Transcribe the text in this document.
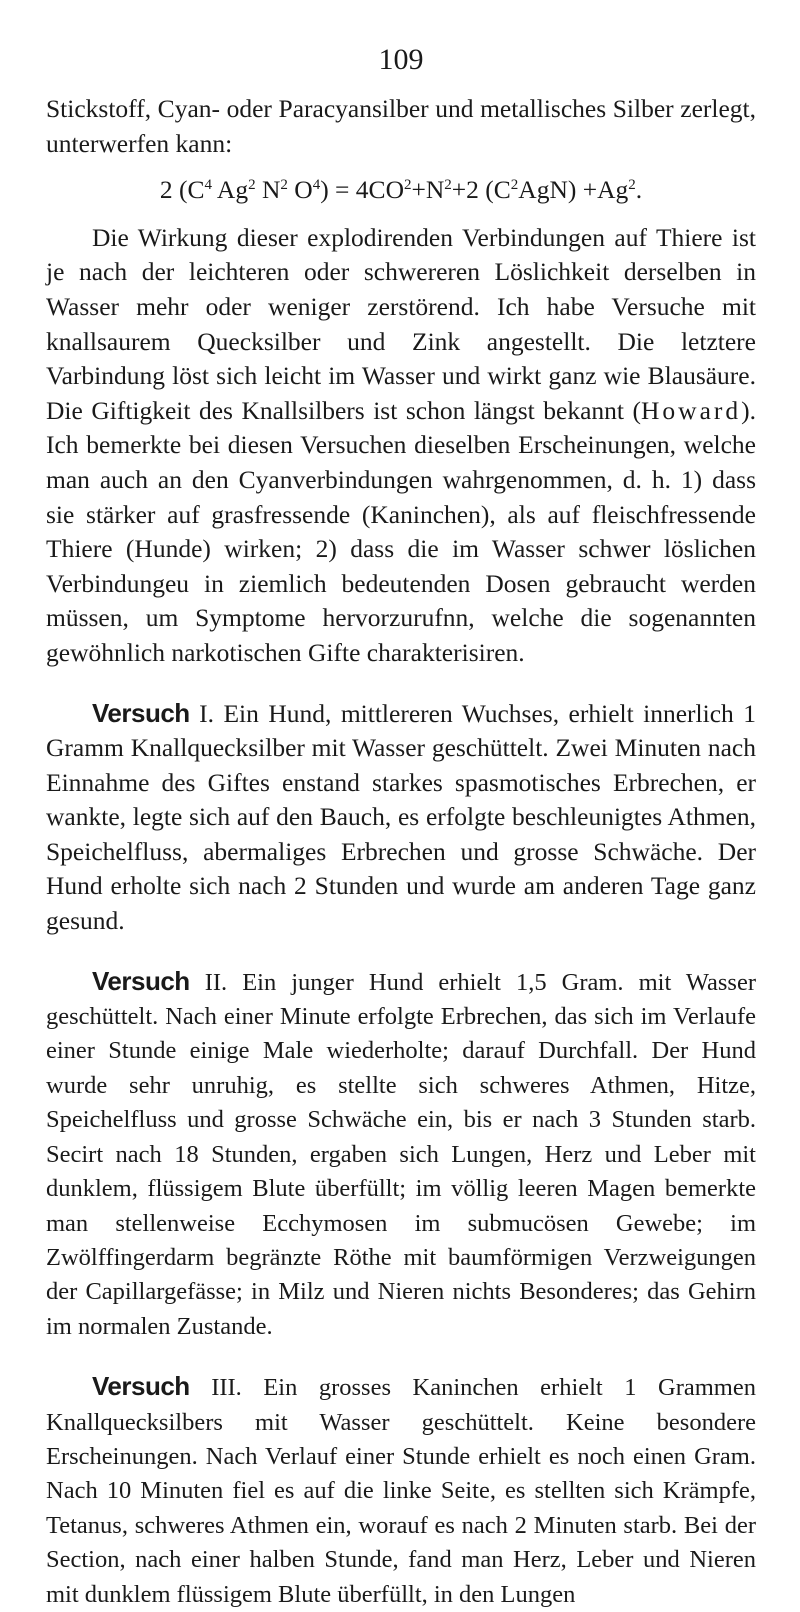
109

Stickstoff, Cyan- oder Paracyansilber und metallisches Silber zerlegt, unterwerfen kann:

2 ($C^4$ Ag$^2$ $N^2$ $O^4) = 4CO^2+N^2+2$ $(C^2AgN) +Ag^2$.

Die Wirkung dieser explodirenden Verbindungen auf Thiere ist je nach der leichteren oder schwereren Löslichkeit derselben in Wasser mehr oder weniger zerstörend. Ich habe Versuche mit knallsaurem Quecksilber und Zink angestellt. Die letztere Varbindung löst sich leicht im Wasser und wirkt ganz wie Blausäure. Die Giftigkeit des Knallsilbers ist schon längst bekannt (Howard). Ich bemerkte bei diesen Versuchen dieselben Erscheinungen, welche man auch an den Cyanverbindungen wahrgenommen, d. h. 1) dass sie stärker auf grasfressende (Kaninchen), als auf fleischfressende Thiere (Hunde) wirken; 2) dass die im Wasser schwer löslichen Verbindungeu in ziemlich bedeutenden Dosen gebraucht werden müssen, um Symptome hervorzurufnn, welche die sogenannten gewöhnlich narkotischen Gifte charakterisiren.

Versuch I. Ein Hund, mittlereren Wuchses, erhielt innerlich 1 Gramm Knallquecksilber mit Wasser geschüttelt. Zwei Minuten nach Einnahme des Giftes enstand starkes spasmotisches Erbrechen, er wankte, legte sich auf den Bauch, es erfolgte beschleunigtes Athmen, Speichelfluss, abermaliges Erbrechen und grosse Schwäche. Der Hund erholte sich nach 2 Stunden und wurde am anderen Tage ganz gesund.

Versuch II. Ein junger Hund erhielt 1,5 Gram. mit Wasser geschüttelt. Nach einer Minute erfolgte Erbrechen, das sich im Verlaufe einer Stunde einige Male wiederholte; darauf Durchfall. Der Hund wurde sehr unruhig, es stellte sich schweres Athmen, Hitze, Speichelfluss und grosse Schwäche ein, bis er nach 3 Stunden starb. Secirt nach 18 Stunden, ergaben sich Lungen, Herz und Leber mit dunklem, flüssigem Blute überfüllt; im völlig leeren Magen bemerkte man stellenweise Ecchymosen im submucösen Gewebe; im Zwölffingerdarm begränzte Röthe mit baumförmigen Verzweigungen der Capillargefässe; in Milz und Nieren nichts Besonderes; das Gehirn im normalen Zustande.

Versuch III. Ein grosses Kaninchen erhielt 1 Grammen Knallquecksilbers mit Wasser geschüttelt. Keine besondere Erscheinungen. Nach Verlauf einer Stunde erhielt es noch einen Gram. Nach 10 Minuten fiel es auf die linke Seite, es stellten sich Krämpfe, Tetanus, schweres Athmen ein, worauf es nach 2 Minuten starb. Bei der Section, nach einer halben Stunde, fand man Herz, Leber und Nieren mit dunklem flüssigem Blute überfüllt, in den Lungen
